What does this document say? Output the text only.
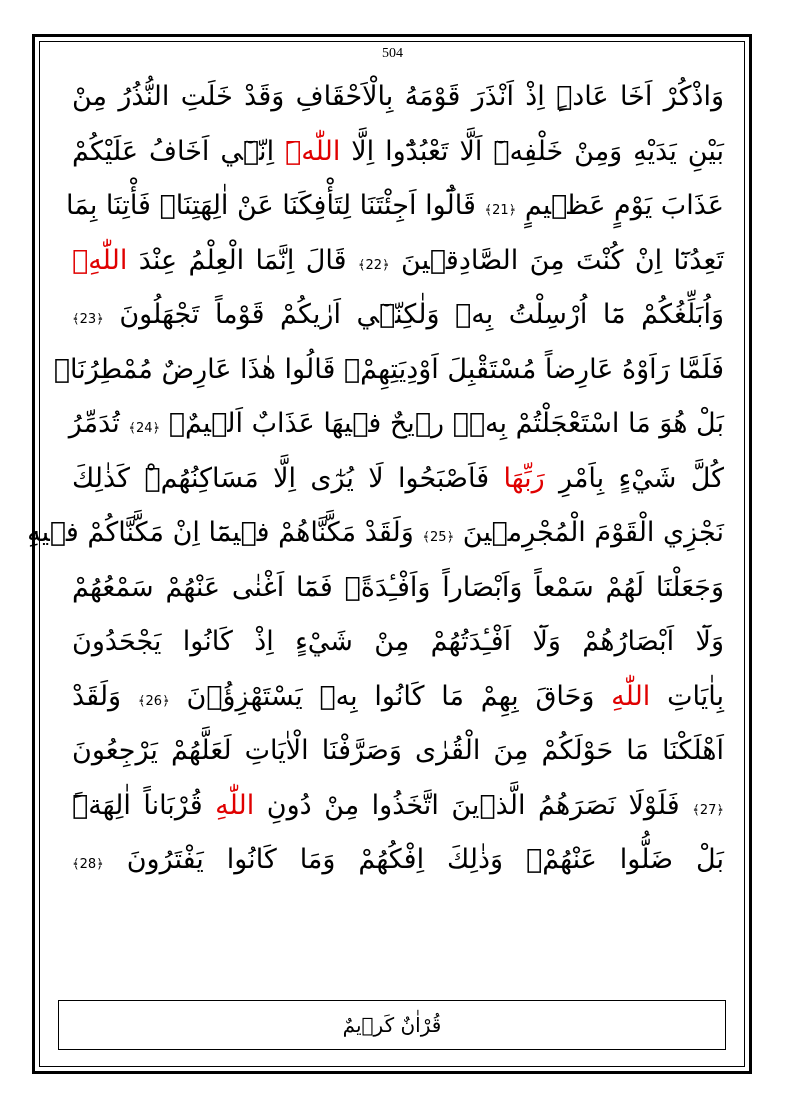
504
وَاذْكُرْ اَخَا عَادٍۜ اِذْ اَنْذَرَ قَوْمَهُ بِالْاَحْقَافِ وَقَدْ خَلَتِ النُّذُرُ مِنْ
بَيْنِ يَدَيْهِ وَمِنْ خَلْفِه۪ٓ اَلَّا تَعْبُدُٓوا اِلَّا اللّٰهَۜ اِنّ۪ٓي اَخَافُ عَلَيْكُمْ
عَذَابَ يَوْمٍ عَظ۪يمٍ ﴿21﴾ قَالُٓوا اَجِئْتَنَا لِتَأْفِكَنَا عَنْ اٰلِهَتِنَاۚ فَأْتِنَا بِمَا
تَعِدُنَٓا اِنْ كُنْتَ مِنَ الصَّادِق۪ينَ ﴿22﴾ قَالَ اِنَّمَا الْعِلْمُ عِنْدَ اللّٰهِ
وَاُبَلِّغُكُمْ مَٓا اُرْسِلْتُ بِه۪ وَلٰكِنّ۪ٓي اَرٰيكُمْ قَوْماً تَجْهَلُونَ ﴿23﴾
فَلَمَّا رَاَوْهُ عَارِضاً مُسْتَقْبِلَ اَوْدِيَتِهِمْۙ قَالُوا هٰذَا عَارِضٌ مُمْطِرُنَاۜ
بَلْ هُوَ مَا اسْتَعْجَلْتُمْ بِه۪ۜ ر۪يحٌ ف۪يهَا عَذَابٌ اَل۪يمٌۙ ﴿24﴾ تُدَمِّرُ
كُلَّ شَيْءٍ بِاَمْرِ رَبِّهَا فَاَصْبَحُوا لَا يُرٰٓى اِلَّا مَسَاكِنُهُمْۜ كَذٰلِكَ
نَجْزِي الْقَوْمَ الْمُجْرِم۪ينَ ﴿25﴾ وَلَقَدْ مَكَّنَّاهُمْ ف۪يمَٓا اِنْ مَكَّنَّاكُمْ ف۪يهِ
وَجَعَلْنَا لَهُمْ سَمْعاً وَاَبْصَاراً وَاَفْـِٔدَةًۘ فَمَٓا اَغْنٰى عَنْهُمْ سَمْعُهُمْ
وَلَٓا اَبْصَارُهُمْ وَلَٓا اَفْـِٔدَتُهُمْ مِنْ شَيْءٍ اِذْ كَانُوا يَجْحَدُونَ
بِاٰيَاتِ اللّٰهِ وَحَاقَ بِهِمْ مَا كَانُوا بِه۪ يَسْتَهْزِؤُ۫نَ ﴿26﴾ وَلَقَدْ
اَهْلَكْنَا مَا حَوْلَكُمْ مِنَ الْقُرٰى وَصَرَّفْنَا الْاٰيَاتِ لَعَلَّهُمْ يَرْجِعُونَ
﴿27﴾ فَلَوْلَا نَصَرَهُمُ الَّذ۪ينَ اتَّخَذُوا مِنْ دُونِ اللّٰهِ قُرْبَاناً اٰلِهَةًۜ
بَلْ ضَلُّوا عَنْهُمْۚ وَذٰلِكَ اِفْكُهُمْ وَمَا كَانُوا يَفْتَرُونَ ﴿28﴾
قُرْاٰنٌ كَر۪يمٌ
